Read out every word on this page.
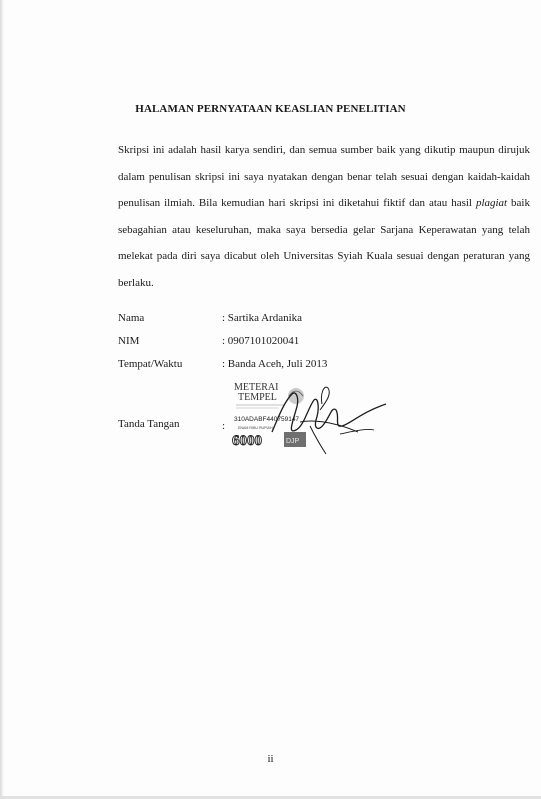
HALAMAN PERNYATAAN KEASLIAN PENELITIAN
Skripsi ini adalah hasil karya sendiri, dan semua sumber baik yang dikutip maupun dirujuk dalam penulisan skripsi ini saya nyatakan dengan benar telah sesuai dengan kaidah-kaidah penulisan ilmiah. Bila kemudian hari skripsi ini diketahui fiktif dan atau hasil plagiat baik sebagahian atau keseluruhan, maka saya bersedia gelar Sarjana Keperawatan yang telah melekat pada diri saya dicabut oleh Universitas Syiah Kuala sesuai dengan peraturan yang berlaku.
Nama	: Sartika Ardanika
NIM	: 0907101020041
Tempat/Waktu	: Banda Aceh, Juli 2013
Tanda Tangan	:
METERAI
TEMPEL
310ADABF440759147
ENAM RIBU RUPIAH
6000	DJP
ii
